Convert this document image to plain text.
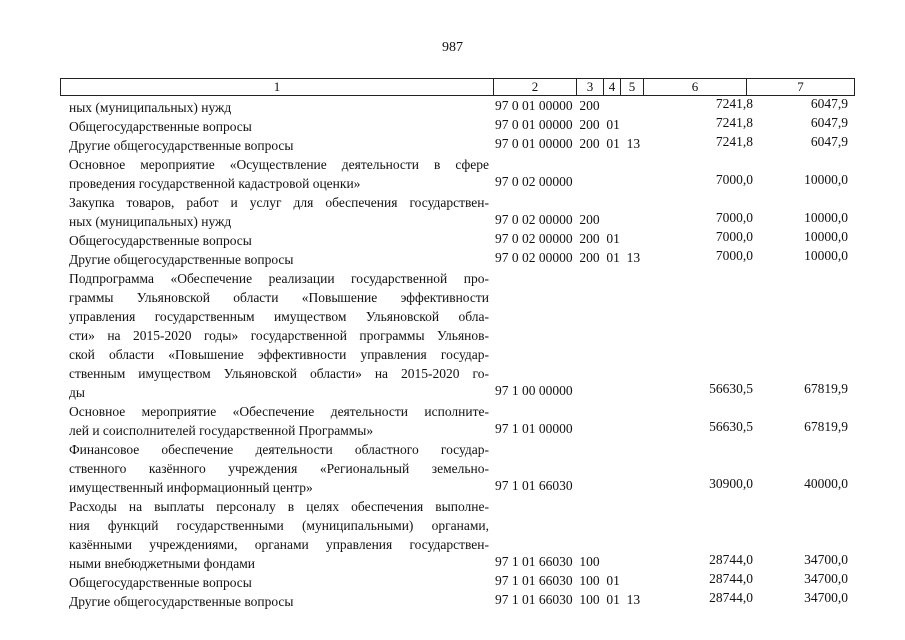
987
1	2	3	4	5	6	7
ных (муниципальных) нужд	97 0 01 00000  200	7241,8	6047,9
Общегосударственные вопросы	97 0 01 00000  200  01	7241,8	6047,9
Другие общегосударственные вопросы	97 0 01 00000  200  01  13	7241,8	6047,9
Основное мероприятие «Осуществление деятельности в сфере
проведения государственной кадастровой оценки»	97 0 02 00000	7000,0	10000,0
Закупка товаров, работ и услуг для обеспечения государствен-
ных (муниципальных) нужд	97 0 02 00000  200	7000,0	10000,0
Общегосударственные вопросы	97 0 02 00000  200  01	7000,0	10000,0
Другие общегосударственные вопросы	97 0 02 00000  200  01  13	7000,0	10000,0
Подпрограмма «Обеспечение реализации государственной про-
граммы Ульяновской области «Повышение эффективности
управления государственным имуществом Ульяновской обла-
сти» на 2015-2020 годы» государственной программы Ульянов-
ской области «Повышение эффективности управления государ-
ственным имуществом Ульяновской области» на 2015-2020 го-
ды	97 1 00 00000	56630,5	67819,9
Основное мероприятие «Обеспечение деятельности исполните-
лей и соисполнителей государственной Программы»	97 1 01 00000	56630,5	67819,9
Финансовое обеспечение деятельности областного государ-
ственного казённого учреждения «Региональный земельно-
имущественный информационный центр»	97 1 01 66030	30900,0	40000,0
Расходы на выплаты персоналу в целях обеспечения выполне-
ния функций государственными (муниципальными) органами,
казёнными учреждениями, органами управления государствен-
ными внебюджетными фондами	97 1 01 66030  100	28744,0	34700,0
Общегосударственные вопросы	97 1 01 66030  100  01	28744,0	34700,0
Другие общегосударственные вопросы	97 1 01 66030  100  01  13	28744,0	34700,0
